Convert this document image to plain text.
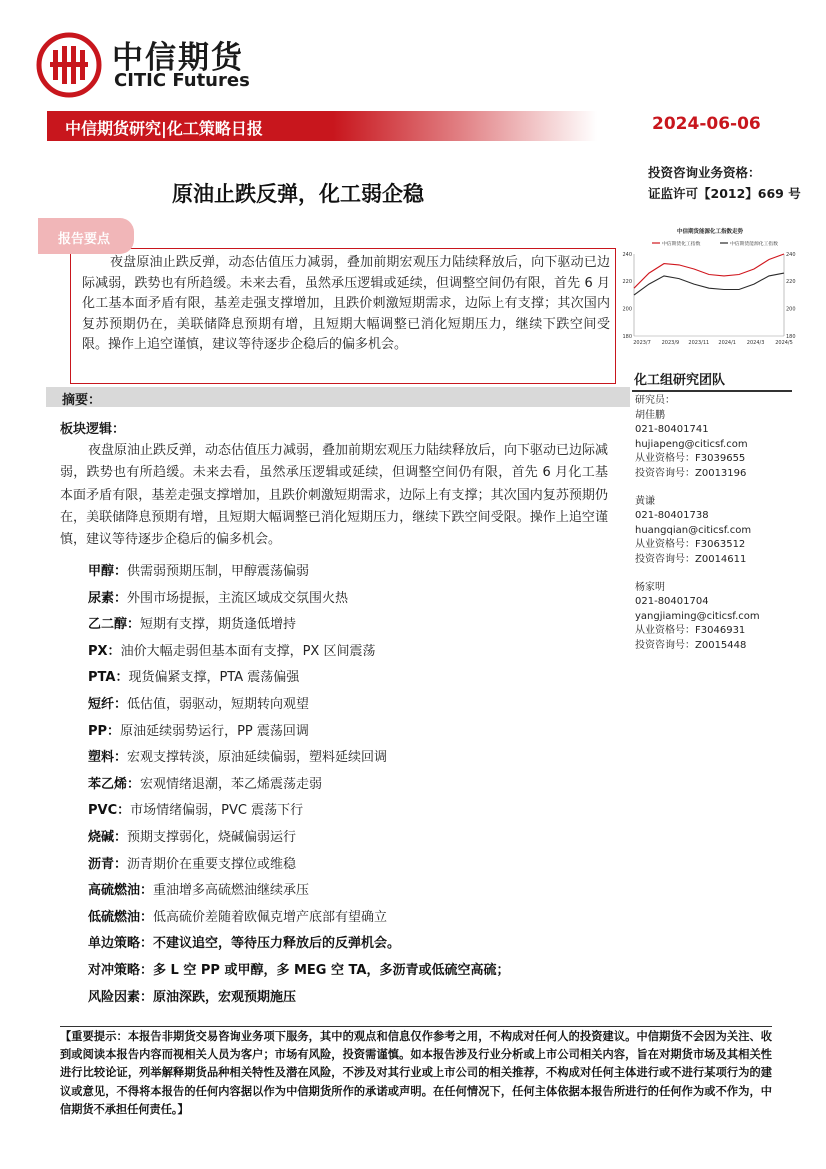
中信期货
CITIC Futures
中信期货研究|化工策略日报	2024-06-06
原油止跌反弹，化工弱企稳
投资咨询业务资格：
证监许可【2012】669 号
报告要点
夜盘原油止跌反弹，动态估值压力减弱，叠加前期宏观压力陆续释放后，向下驱动已边际减弱，跌势也有所趋缓。未来去看，虽然承压逻辑或延续，但调整空间仍有限，首先 6 月化工基本面矛盾有限，基差走强支撑增加，且跌价刺激短期需求，边际上有支撑；其次国内复苏预期仍在，美联储降息预期有增，且短期大幅调整已消化短期压力，继续下跌空间受限。操作上追空谨慎，建议等待逐步企稳后的偏多机会。
中信期货能源化工指数走势
中信期货化工指数	中信期货能源化工指数
240	240
220	220
200	200
180	180
2023/7 2023/9 2023/11 2024/1 2024/3 2024/5
摘要：
化工组研究团队
研究员：
胡佳鹏
021-80401741
hujiapeng@citicsf.com
从业资格号：F3039655
投资咨询号：Z0013196
黄谦
021-80401738
huangqian@citicsf.com
从业资格号：F3063512
投资咨询号：Z0014611
杨家明
021-80401704
yangjiaming@citicsf.com
从业资格号：F3046931
投资咨询号：Z0015448
板块逻辑：
夜盘原油止跌反弹，动态估值压力减弱，叠加前期宏观压力陆续释放后，向下驱动已边际减弱，跌势也有所趋缓。未来去看，虽然承压逻辑或延续，但调整空间仍有限，首先 6 月化工基本面矛盾有限，基差走强支撑增加，且跌价刺激短期需求，边际上有支撑；其次国内复苏预期仍在，美联储降息预期有增，且短期大幅调整已消化短期压力，继续下跌空间受限。操作上追空谨慎，建议等待逐步企稳后的偏多机会。
甲醇：供需弱预期压制，甲醇震荡偏弱
尿素：外围市场提振，主流区域成交氛围火热
乙二醇：短期有支撑，期货逢低增持
PX：油价大幅走弱但基本面有支撑，PX 区间震荡
PTA：现货偏紧支撑，PTA 震荡偏强
短纤：低估值，弱驱动，短期转向观望
PP：原油延续弱势运行，PP 震荡回调
塑料：宏观支撑转淡，原油延续偏弱，塑料延续回调
苯乙烯：宏观情绪退潮，苯乙烯震荡走弱
PVC：市场情绪偏弱，PVC 震荡下行
烧碱：预期支撑弱化，烧碱偏弱运行
沥青：沥青期价在重要支撑位或维稳
高硫燃油：重油增多高硫燃油继续承压
低硫燃油：低高硫价差随着欧佩克增产底部有望确立
单边策略：不建议追空，等待压力释放后的反弹机会。
对冲策略：多 L 空 PP 或甲醇，多 MEG 空 TA，多沥青或低硫空高硫；
风险因素：原油深跌，宏观预期施压
【重要提示：本报告非期货交易咨询业务项下服务，其中的观点和信息仅作参考之用，不构成对任何人的投资建议。中信期货不会因为关注、收到或阅读本报告内容而视相关人员为客户；市场有风险，投资需谨慎。如本报告涉及行业分析或上市公司相关内容，旨在对期货市场及其相关性进行比较论证，列举解释期货品种相关特性及潜在风险，不涉及对其行业或上市公司的相关推荐，不构成对任何主体进行或不进行某项行为的建议或意见，不得将本报告的任何内容据以作为中信期货所作的承诺或声明。在任何情况下，任何主体依据本报告所进行的任何作为或不作为，中信期货不承担任何责任。】
